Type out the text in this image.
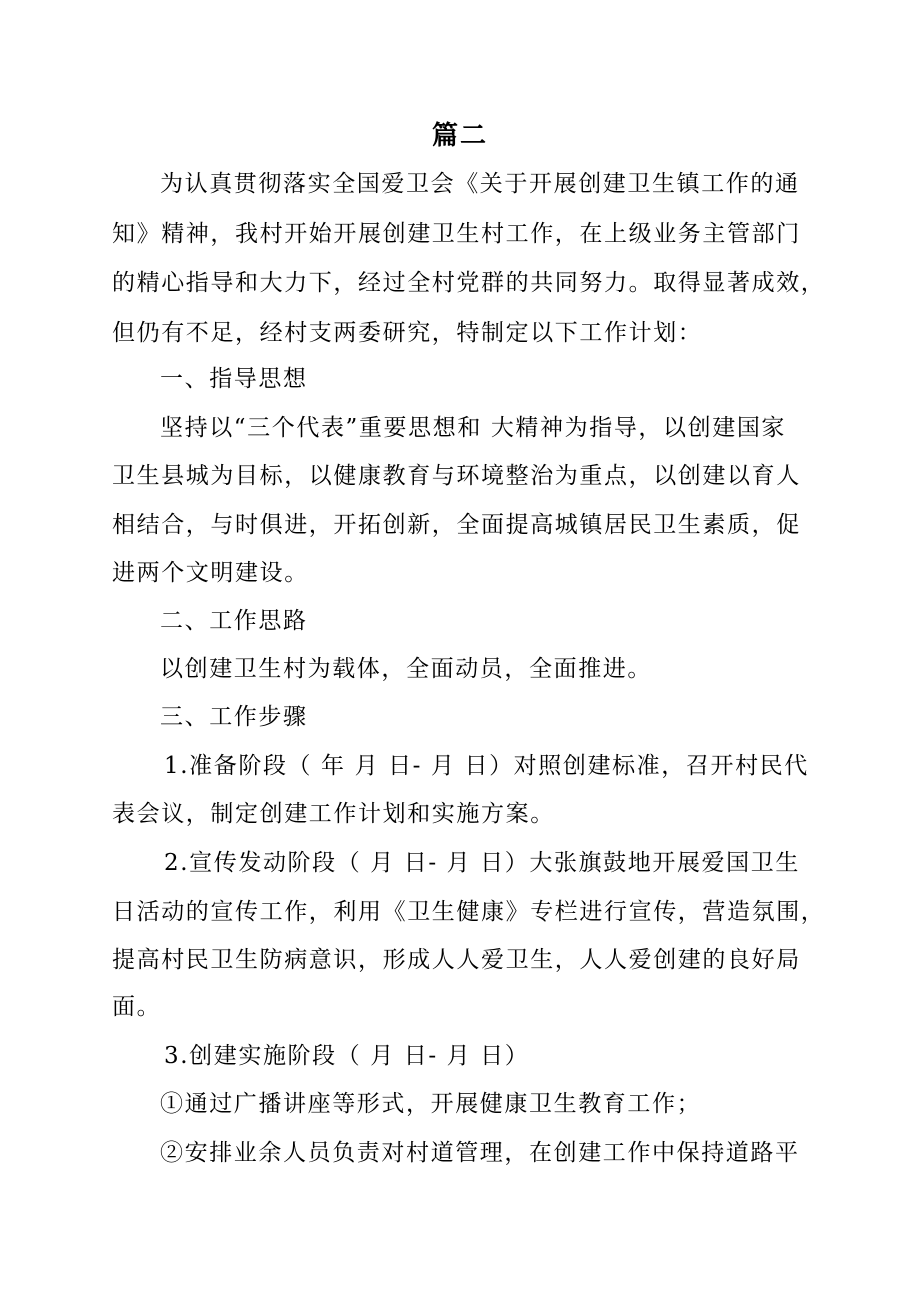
篇二
为认真贯彻落实全国爱卫会《关于开展创建卫生镇工作的通
知》精神，我村开始开展创建卫生村工作，在上级业务主管部门
的精心指导和大力下，经过全村党群的共同努力。取得显著成效，
但仍有不足，经村支两委研究，特制定以下工作计划：
一、指导思想
坚持以“三个代表”重要思想和 大精神为指导，以创建国家
卫生县城为目标，以健康教育与环境整治为重点，以创建以育人
相结合，与时俱进，开拓创新，全面提高城镇居民卫生素质，促
进两个文明建设。
二、工作思路
以创建卫生村为载体，全面动员，全面推进。
三、工作步骤
1.准备阶段（ 年 月 日- 月 日）对照创建标准，召开村民代
表会议，制定创建工作计划和实施方案。
2.宣传发动阶段（ 月 日- 月 日）大张旗鼓地开展爱国卫生
日活动的宣传工作，利用《卫生健康》专栏进行宣传，营造氛围，
提高村民卫生防病意识，形成人人爱卫生，人人爱创建的良好局
面。
3.创建实施阶段（ 月 日- 月 日）
①通过广播讲座等形式，开展健康卫生教育工作；
②安排业余人员负责对村道管理，在创建工作中保持道路平
